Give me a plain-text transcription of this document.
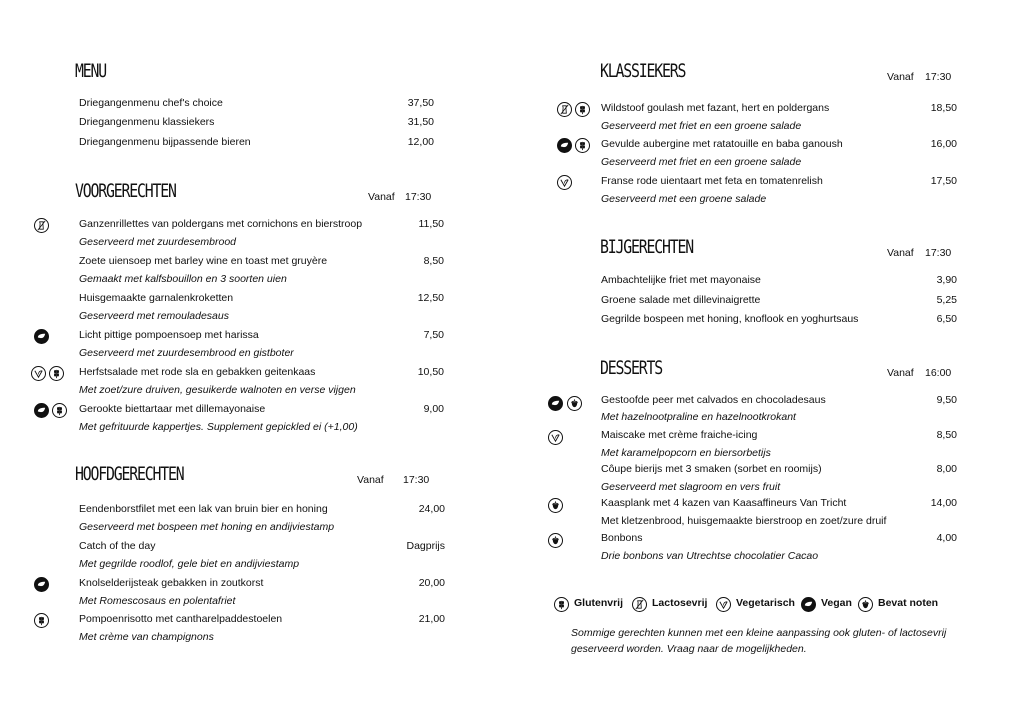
MENU
Driegangenmenu chef's choice	37,50
Driegangenmenu klassiekers	31,50
Driegangenmenu bijpassende bieren	12,00
VOORGERECHTEN	Vanaf 17:30
Ganzenrillettes van poldergans met cornichons en bierstroop	11,50
Geserveerd met zuurdesembrood
Zoete uiensoep met barley wine en toast met gruyère	8,50
Gemaakt met kalfsbouillon en 3 soorten uien
Huisgemaakte garnalenkroketten	12,50
Geserveerd met remouladesaus
Licht pittige pompoensoep met harissa	7,50
Geserveerd met zuurdesembrood en gistboter
Herfstsalade met rode sla en gebakken geitenkaas	10,50
Met zoet/zure druiven, gesuikerde walnoten en verse vijgen
Gerookte biettartaar met dillemayonaise	9,00
Met gefrituurde kappertjes. Supplement gepickled ei (+1,00)
HOOFDGERECHTEN	Vanaf 17:30
Eendenborstfilet met een lak van bruin bier en honing	24,00
Geserveerd met bospeen met honing en andijviestamp
Catch of the day	Dagprijs
Met gegrilde roodlof, gele biet en andijviestamp
Knolselderijsteak gebakken in zoutkorst	20,00
Met Romescosaus en polentafriet
Pompoenrisotto met cantharelpaddestoelen	21,00
Met crème van champignons
KLASSIEKERS	Vanaf 17:30
Wildstoof goulash met fazant, hert en poldergans	18,50
Geserveerd met friet en een groene salade
Gevulde aubergine met ratatouille en baba ganoush	16,00
Geserveerd met friet en een groene salade
Franse rode uientaart met feta en tomatenrelish	17,50
Geserveerd met een groene salade
BIJGERECHTEN	Vanaf 17:30
Ambachtelijke friet met mayonaise	3,90
Groene salade met dillevinaigrette	5,25
Gegrilde bospeen met honing, knoflook en yoghurtsaus	6,50
DESSERTS	Vanaf 16:00
Gestoofde peer met calvados en chocoladesaus	9,50
Met hazelnootpraline en hazelnootkrokant
Maiscake met crème fraiche-icing	8,50
Met karamelpopcorn en biersorbetijs
Côupe bierijs met 3 smaken (sorbet en roomijs)	8,00
Geserveerd met slagroom en vers fruit
Kaasplank met 4 kazen van Kaasaffineurs Van Tricht	14,00
Met kletzenbrood, huisgemaakte bierstroop en zoet/zure druif
Bonbons	4,00
Drie bonbons van Utrechtse chocolatier Cacao
Glutenvrij	Lactosevrij	Vegetarisch Vegan Bevat noten
Sommige gerechten kunnen met een kleine aanpassing ook gluten- of lactosevrij geserveerd worden. Vraag naar de mogelijkheden.
